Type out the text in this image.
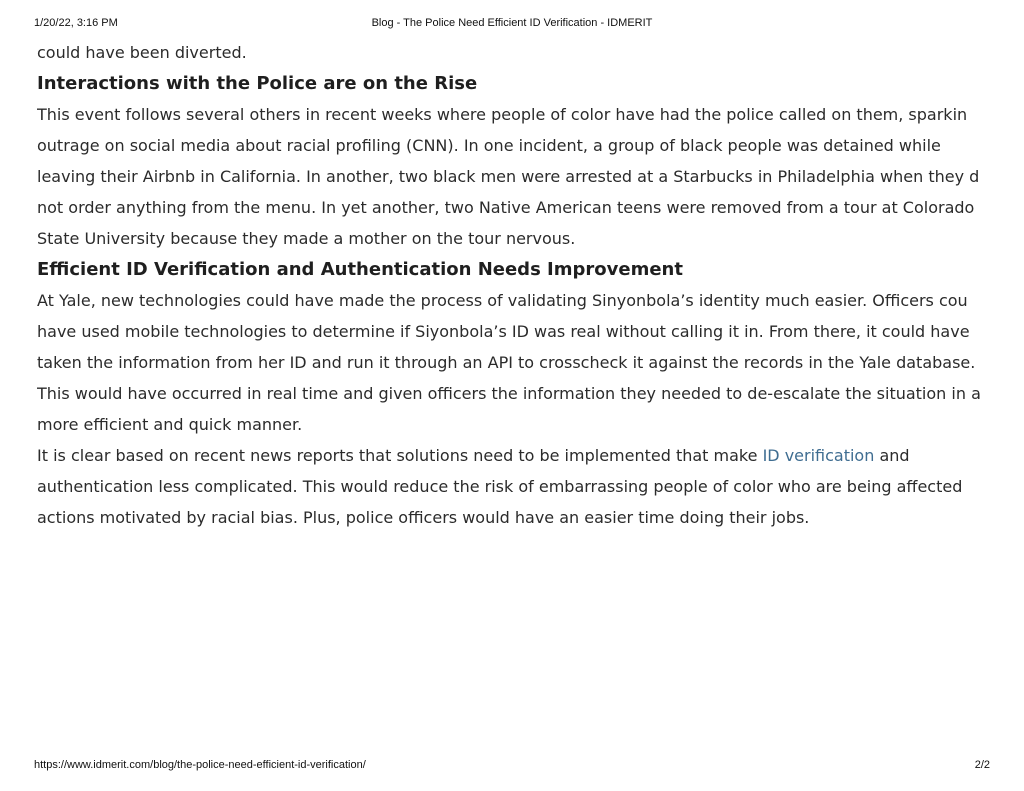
1/20/22, 3:16 PM	Blog - The Police Need Efficient ID Verification - IDMERIT

could have been diverted.

Interactions with the Police are on the Rise

This event follows several others in recent weeks where people of color have had the police called on them, sparkin
outrage on social media about racial profiling (CNN). In one incident, a group of black people was detained while
leaving their Airbnb in California. In another, two black men were arrested at a Starbucks in Philadelphia when they d
not order anything from the menu. In yet another, two Native American teens were removed from a tour at Colorado
State University because they made a mother on the tour nervous.

Efficient ID Verification and Authentication Needs Improvement

At Yale, new technologies could have made the process of validating Sinyonbola’s identity much easier. Officers cou
have used mobile technologies to determine if Siyonbola’s ID was real without calling it in. From there, it could have
taken the information from her ID and run it through an API to crosscheck it against the records in the Yale database.
This would have occurred in real time and given officers the information they needed to de-escalate the situation in a
more efficient and quick manner.

It is clear based on recent news reports that solutions need to be implemented that make ID verification and
authentication less complicated. This would reduce the risk of embarrassing people of color who are being affected
actions motivated by racial bias. Plus, police officers would have an easier time doing their jobs.

https://www.idmerit.com/blog/the-police-need-efficient-id-verification/	2/2
